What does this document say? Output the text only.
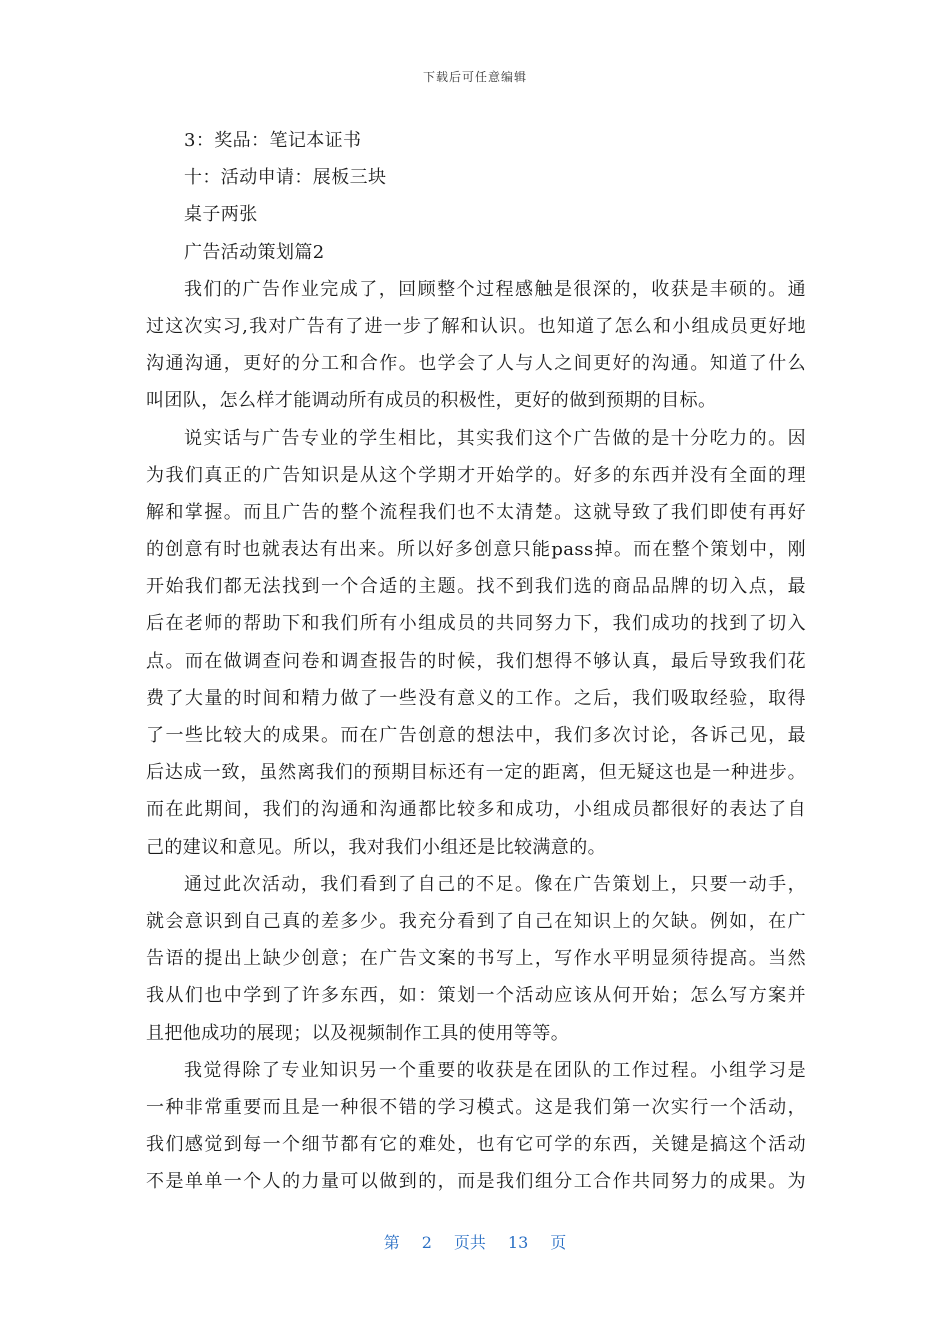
下载后可任意编辑
3：奖品：笔记本证书
十：活动申请：展板三块
桌子两张
广告活动策划篇2
我们的广告作业完成了，回顾整个过程感触是很深的，收获是丰硕的。通
过这次实习,我对广告有了进一步了解和认识。也知道了怎么和小组成员更好地
沟通沟通，更好的分工和合作。也学会了人与人之间更好的沟通。知道了什么
叫团队，怎么样才能调动所有成员的积极性，更好的做到预期的目标。
说实话与广告专业的学生相比，其实我们这个广告做的是十分吃力的。因
为我们真正的广告知识是从这个学期才开始学的。好多的东西并没有全面的理
解和掌握。而且广告的整个流程我们也不太清楚。这就导致了我们即使有再好
的创意有时也就表达有出来。所以好多创意只能pass掉。而在整个策划中，刚
开始我们都无法找到一个合适的主题。找不到我们选的商品品牌的切入点，最
后在老师的帮助下和我们所有小组成员的共同努力下，我们成功的找到了切入
点。而在做调查问卷和调查报告的时候，我们想得不够认真，最后导致我们花
费了大量的时间和精力做了一些没有意义的工作。之后，我们吸取经验，取得
了一些比较大的成果。而在广告创意的想法中，我们多次讨论，各诉己见，最
后达成一致，虽然离我们的预期目标还有一定的距离，但无疑这也是一种进步。
而在此期间，我们的沟通和沟通都比较多和成功，小组成员都很好的表达了自
己的建议和意见。所以，我对我们小组还是比较满意的。
通过此次活动，我们看到了自己的不足。像在广告策划上，只要一动手，
就会意识到自己真的差多少。我充分看到了自己在知识上的欠缺。例如，在广
告语的提出上缺少创意；在广告文案的书写上，写作水平明显须待提高。当然
我从们也中学到了许多东西，如：策划一个活动应该从何开始；怎么写方案并
且把他成功的展现；以及视频制作工具的使用等等。
我觉得除了专业知识另一个重要的收获是在团队的工作过程。小组学习是
一种非常重要而且是一种很不错的学习模式。这是我们第一次实行一个活动，
我们感觉到每一个细节都有它的难处，也有它可学的东西，关键是搞这个活动
不是单单一个人的力量可以做到的，而是我们组分工合作共同努力的成果。为
第 2 页共 13 页
